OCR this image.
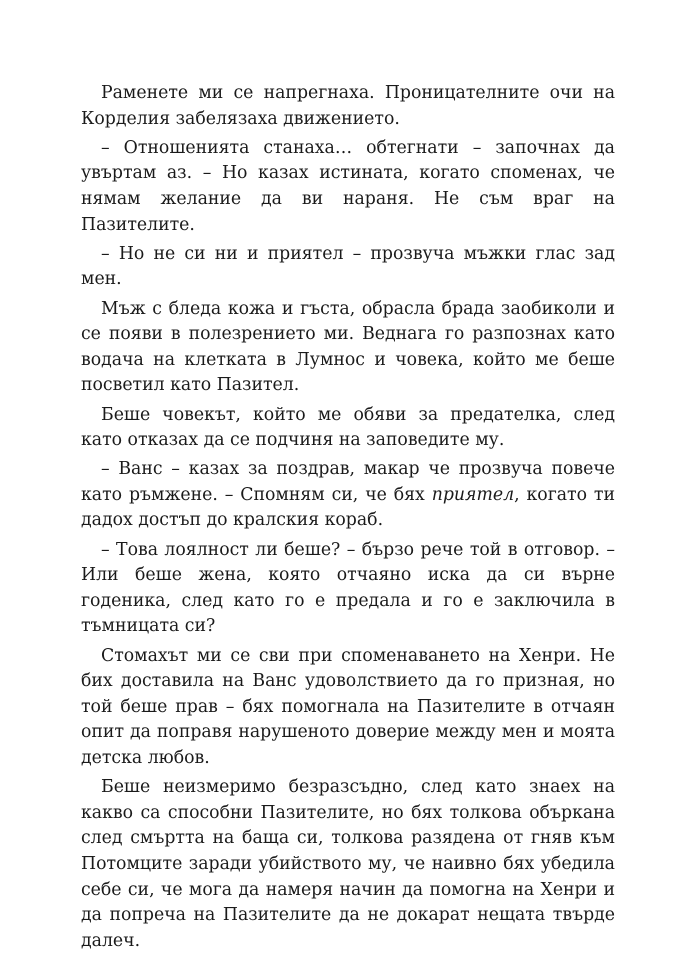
Раменете ми се напрегнаха. Проницателните очи на Корделия забелязаха движението.

– Отношенията станаха… обтегнати – започнах да увъртам аз. – Но казах истината, когато споменах, че нямам желание да ви нараня. Не съм враг на Пазителите.

– Но не си ни и приятел – прозвуча мъжки глас зад мен.

Мъж с бледа кожа и гъста, обрасла брада заобиколи и се появи в полезрението ми. Веднага го разпознах като водача на клетката в Лумнос и човека, който ме беше посветил като Пазител.

Беше човекът, който ме обяви за предателка, след като отказах да се подчиня на заповедите му.

– Ванс – казах за поздрав, макар че прозвуча повече като ръмжене. – Спомням си, че бях приятел, когато ти дадох достъп до кралския кораб.

– Това лоялност ли беше? – бързо рече той в отговор. – Или беше жена, която отчаяно иска да си върне годеника, след като го е предала и го е заключила в тъмницата си?

Стомахът ми се сви при споменаването на Хенри. Не бих доставила на Ванс удоволствието да го призная, но той беше прав – бях помогнала на Пазителите в отчаян опит да поправя нарушеното доверие между мен и моята детска любов.

Беше неизмеримо безразсъдно, след като знаех на какво са способни Пазителите, но бях толкова объркана след смъртта на баща си, толкова разядена от гняв към Потомците заради убийството му, че наивно бях убедила себе си, че мога да намеря начин да помогна на Хенри и да попреча на Пазителите да не докарат нещата твърде далеч.
